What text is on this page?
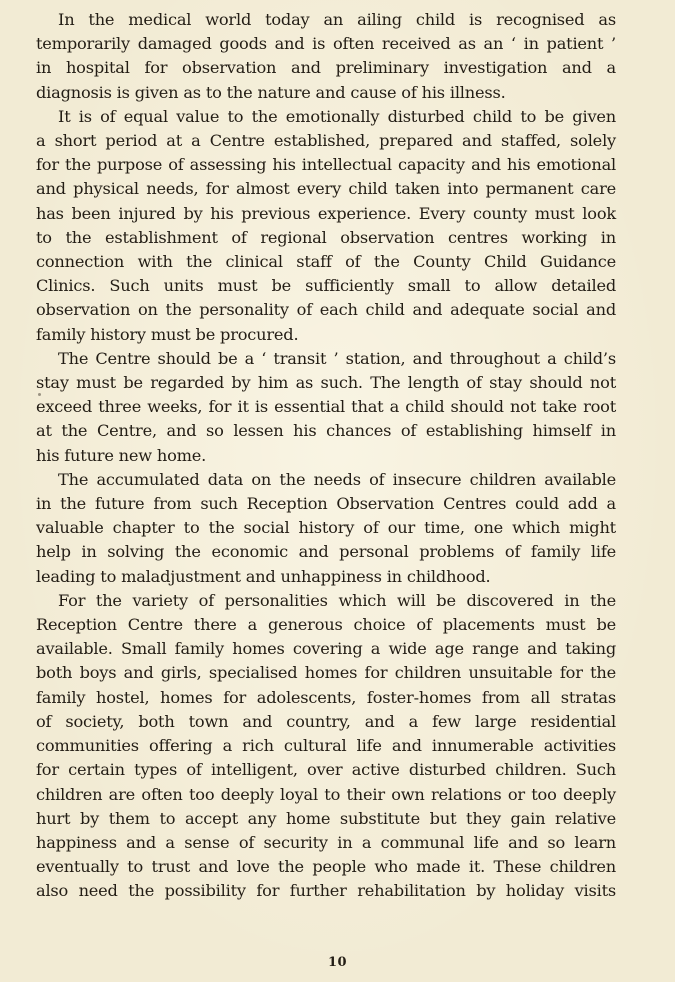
In the medical world today an ailing child is recognised as
temporarily damaged goods and is often received as an ‘ in patient ’
in hospital for observation and preliminary investigation and a
diagnosis is given as to the nature and cause of his illness.
It is of equal value to the emotionally disturbed child to be given
a short period at a Centre established, prepared and staffed, solely
for the purpose of assessing his intellectual capacity and his emotional
and physical needs, for almost every child taken into permanent care
has been injured by his previous experience. Every county must look
to the establishment of regional observation centres working in
connection with the clinical staff of the County Child Guidance
Clinics. Such units must be sufficiently small to allow detailed
observation on the personality of each child and adequate social and
family history must be procured.
The Centre should be a ‘ transit ’ station, and throughout a child’s
stay must be regarded by him as such. The length of stay should not
exceed three weeks, for it is essential that a child should not take root
at the Centre, and so lessen his chances of establishing himself in
his future new home.
The accumulated data on the needs of insecure children available
in the future from such Reception Observation Centres could add a
valuable chapter to the social history of our time, one which might
help in solving the economic and personal problems of family life
leading to maladjustment and unhappiness in childhood.
For the variety of personalities which will be discovered in the
Reception Centre there a generous choice of placements must be
available. Small family homes covering a wide age range and taking
both boys and girls, specialised homes for children unsuitable for the
family hostel, homes for adolescents, foster-homes from all stratas
of society, both town and country, and a few large residential
communities offering a rich cultural life and innumerable activities
for certain types of intelligent, over active disturbed children. Such
children are often too deeply loyal to their own relations or too deeply
hurt by them to accept any home substitute but they gain relative
happiness and a sense of security in a communal life and so learn
eventually to trust and love the people who made it. These children
also need the possibility for further rehabilitation by holiday visits
10
